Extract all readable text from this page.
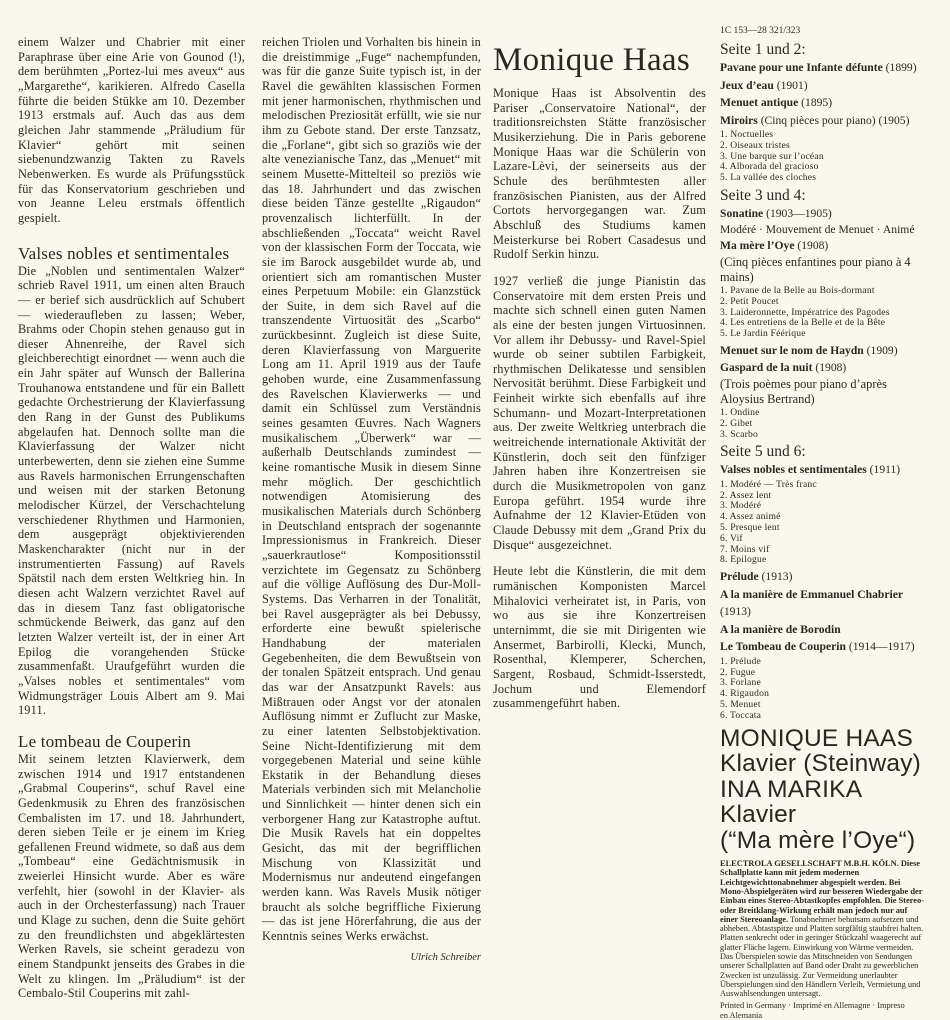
einem Walzer und Chabrier mit einer Paraphrase über eine Arie von Gounod (!), dem berühmten „Portez-lui mes aveux“ aus „Margarethe“, karikieren. Alfredo Casella führte die beiden Stükke am 10. Dezember 1913 erstmals auf. Auch das aus dem gleichen Jahr stammende „Präludium für Klavier“ gehört mit seinen siebenundzwanzig Takten zu Ravels Nebenwerken. Es wurde als Prüfungsstück für das Konservatorium geschrieben und von Jeanne Leleu erstmals öffentlich gespielt.

Valses nobles et sentimentales

Die „Noblen und sentimentalen Walzer“ schrieb Ravel 1911, um einen alten Brauch — er berief sich ausdrücklich auf Schubert — wiederaufleben zu lassen; Weber, Brahms oder Chopin stehen genauso gut in dieser Ahnenreihe, der Ravel sich gleichberechtigt einordnet — wenn auch die ein Jahr später auf Wunsch der Ballerina Trouhanowa entstandene und für ein Ballett gedachte Orchestrierung der Klavierfassung den Rang in der Gunst des Publikums abgelaufen hat. Dennoch sollte man die Klavierfassung der Walzer nicht unterbewerten, denn sie ziehen eine Summe aus Ravels harmonischen Errungenschaften und weisen mit der starken Betonung melodischer Kürzel, der Verschachtelung verschiedener Rhythmen und Harmonien, dem ausgeprägt objektivierenden Maskencharakter (nicht nur in der instrumentierten Fassung) auf Ravels Spätstil nach dem ersten Weltkrieg hin. In diesen acht Walzern verzichtet Ravel auf das in diesem Tanz fast obligatorische schmückende Beiwerk, das ganz auf den letzten Walzer verteilt ist, der in einer Art Epilog die vorangehenden Stücke zusammenfaßt. Uraufgeführt wurden die „Valses nobles et sentimentales“ vom Widmungsträger Louis Albert am 9. Mai 1911.

Le tombeau de Couperin

Mit seinem letzten Klavierwerk, dem zwischen 1914 und 1917 entstandenen „Grabmal Couperins“, schuf Ravel eine Gedenkmusik zu Ehren des französischen Cembalisten im 17. und 18. Jahrhundert, deren sieben Teile er je einem im Krieg gefallenen Freund widmete, so daß aus dem „Tombeau“ eine Gedächtnismusik in zweierlei Hinsicht wurde. Aber es wäre verfehlt, hier (sowohl in der Klavier- als auch in der Orchesterfassung) nach Trauer und Klage zu suchen, denn die Suite gehört zu den freundlichsten und abgeklärtesten Werken Ravels, sie scheint geradezu von einem Standpunkt jenseits des Grabes in die Welt zu klingen. Im „Präludium“ ist der Cembalo-Stil Couperins mit zahl-

reichen Triolen und Vorhalten bis hinein in die dreistimmige „Fuge“ nachempfunden, was für die ganze Suite typisch ist, in der Ravel die gewählten klassischen Formen mit jener harmonischen, rhythmischen und melodischen Preziosität erfüllt, wie sie nur ihm zu Gebote stand. Der erste Tanzsatz, die „Forlane“, gibt sich so graziös wie der alte venezianische Tanz, das „Menuet“ mit seinem Musette-Mittelteil so preziös wie das 18. Jahrhundert und das zwischen diese beiden Tänze gestellte „Rigaudon“ provenzalisch lichterfüllt. In der abschließenden „Toccata“ weicht Ravel von der klassischen Form der Toccata, wie sie im Barock ausgebildet wurde ab, und orientiert sich am romantischen Muster eines Perpetuum Mobile: ein Glanzstück der Suite, in dem sich Ravel auf die transzendente Virtuosität des „Scarbo“ zurückbesinnt. Zugleich ist diese Suite, deren Klavierfassung von Marguerite Long am 11. April 1919 aus der Taufe gehoben wurde, eine Zusammenfassung des Ravelschen Klavierwerks — und damit ein Schlüssel zum Verständnis seines gesamten Œuvres. Nach Wagners musikalischem „Überwerk“ war — außerhalb Deutschlands zumindest — keine romantische Musik in diesem Sinne mehr möglich. Der geschichtlich notwendigen Atomisierung des musikalischen Materials durch Schönberg in Deutschland entsprach der sogenannte Impressionismus in Frankreich. Dieser „sauerkrautlose“ Kompositionsstil verzichtete im Gegensatz zu Schönberg auf die völlige Auflösung des Dur-Moll-Systems. Das Verharren in der Tonalität, bei Ravel ausgeprägter als bei Debussy, erforderte eine bewußt spielerische Handhabung der materialen Gegebenheiten, die dem Bewußtsein von der tonalen Spätzeit entsprach. Und genau das war der Ansatzpunkt Ravels: aus Mißtrauen oder Angst vor der atonalen Auflösung nimmt er Zuflucht zur Maske, zu einer latenten Selbstobjektivation. Seine Nicht-Identifizierung mit dem vorgegebenen Material und seine kühle Ekstatik in der Behandlung dieses Materials verbinden sich mit Melancholie und Sinnlichkeit — hinter denen sich ein verborgener Hang zur Katastrophe auftut. Die Musik Ravels hat ein doppeltes Gesicht, das mit der begrifflichen Mischung von Klassizität und Modernismus nur andeutend eingefangen werden kann. Was Ravels Musik nötiger braucht als solche begriffliche Fixierung — das ist jene Hörerfahrung, die aus der Kenntnis seines Werks erwächst.

Ulrich Schreiber

Monique Haas

Monique Haas ist Absolventin des Pariser „Conservatoire National“, der traditionsreichsten Stätte französischer Musikerziehung. Die in Paris geborene Monique Haas war die Schülerin von Lazare-Lèvi, der seinerseits aus der Schule des berühmtesten aller französischen Pianisten, aus der Alfred Cortots hervorgegangen war. Zum Abschluß des Studiums kamen Meisterkurse bei Robert Casadesus und Rudolf Serkin hinzu.

1927 verließ die junge Pianistin das Conservatoire mit dem ersten Preis und machte sich schnell einen guten Namen als eine der besten jungen Virtuosinnen. Vor allem ihr Debussy- und Ravel-Spiel wurde ob seiner subtilen Farbigkeit, rhythmischen Delikatesse und sensiblen Nervosität berühmt. Diese Farbigkeit und Feinheit wirkte sich ebenfalls auf ihre Schumann- und Mozart-Interpretationen aus. Der zweite Weltkrieg unterbrach die weitreichende internationale Aktivität der Künstlerin, doch seit den fünfziger Jahren haben ihre Konzertreisen sie durch die Musikmetropolen von ganz Europa geführt. 1954 wurde ihre Aufnahme der 12 Klavier-Etüden von Claude Debussy mit dem „Grand Prix du Disque“ ausgezeichnet.

Heute lebt die Künstlerin, die mit dem rumänischen Komponisten Marcel Mihalovici verheiratet ist, in Paris, von wo aus sie ihre Konzertreisen unternimmt, die sie mit Dirigenten wie Ansermet, Barbirolli, Klecki, Munch, Rosenthal, Klemperer, Scherchen, Sargent, Rosbaud, Schmidt-Isserstedt, Jochum und Elemendorf zusammengeführt haben.

1C 153—28 321/323

Seite 1 und 2:

Pavane pour une Infante défunte (1899)

Jeux d’eau (1901)

Menuet antique (1895)

Miroirs (Cinq pièces pour piano) (1905)

1. Noctuelles
2. Oiseaux tristes
3. Une barque sur l’océan
4. Alborada del gracioso
5. La vallée des cloches

Seite 3 und 4:

Sonatine (1903—1905)

Modéré · Mouvement de Menuet · Animé

Ma mère l’Oye (1908)

(Cinq pièces enfantines pour piano à 4 mains)

1. Pavane de la Belle au Bois-dormant
2. Petit Poucet
3. Laideronnette, Impératrice des Pagodes
4. Les entretiens de la Belle et de la Bête
5. Le Jardin Féérique

Menuet sur le nom de Haydn (1909)

Gaspard de la nuit (1908)

(Trois poèmes pour piano d’après Aloysius Bertrand)

1. Ondine
2. Gibet
3. Scarbo

Seite 5 und 6:

Valses nobles et sentimentales (1911)

1. Modéré — Très franc
2. Assez lent
3. Modéré
4. Assez animé
5. Presque lent
6. Vif
7. Moins vif
8. Epilogue

Prélude (1913)

A la manière de Emmanuel Chabrier
(1913)

A la manière de Borodin

Le Tombeau de Couperin (1914—1917)

1. Prélude
2. Fugue
3. Forlane
4. Rigaudon
5. Menuet
6. Toccata

MONIQUE HAAS

Klavier (Steinway)

INA MARIKA

Klavier

(“Ma mère l’Oye“)

ELECTROLA GESELLSCHAFT M.B.H. KÖLN. Diese Schallplatte kann mit jedem modernen Leichtgewichttonabnehmer abgespielt werden. Bei Mono-Abspielgeräten wird zur besseren Wiedergabe der Einbau eines Stereo-Abtastkopfes empfohlen. Die Stereo- oder Breitklang-Wirkung erhält man jedoch nur auf einer Stereoanlage. Tonabnehmer behutsam aufsetzen und abheben. Abtastspitze und Platten sorgfältig staubfrei halten. Platten senkrecht oder in geringer Stückzahl waagerecht auf glatter Fläche lagern. Einwirkung von Wärme vermeiden. Das Überspielen sowie das Mitschneiden von Sendungen unserer Schallplatten auf Band oder Draht zu gewerblichen Zwecken ist unzulässig. Zur Vermeidung unerlaubter Überspielungen sind den Händlern Verleih, Vermietung und Auswahlsendungen untersagt.

Printed in Germany · Imprimé en Allemagne · Impreso en Alemania
